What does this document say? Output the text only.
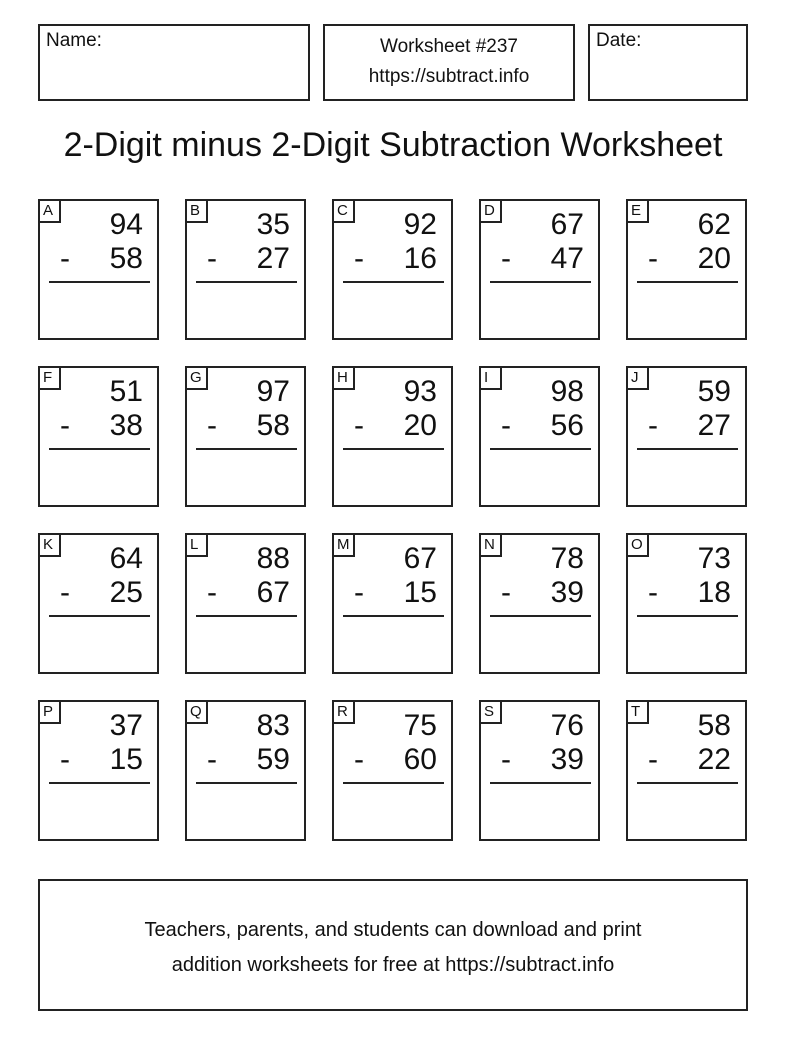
Name:	Worksheet #237
https://subtract.info
Date:
2-Digit minus 2-Digit Subtraction Worksheet
A 94
- 58
B 35
- 27
C 92
- 16
D 67
- 47
E 62
- 20
F 51
- 38
G 97
- 58
H 93
- 20
I	98
- 56
J	59
- 27
K 64
- 25
L	88
- 67
M 67
- 15
N 78
- 39
O 73
- 18
P 37
- 15
Q 83
- 59
R 75
- 60
S 76
- 39
T 58
- 22
Teachers, parents, and students can download and print
addition worksheets for free at https://subtract.info
